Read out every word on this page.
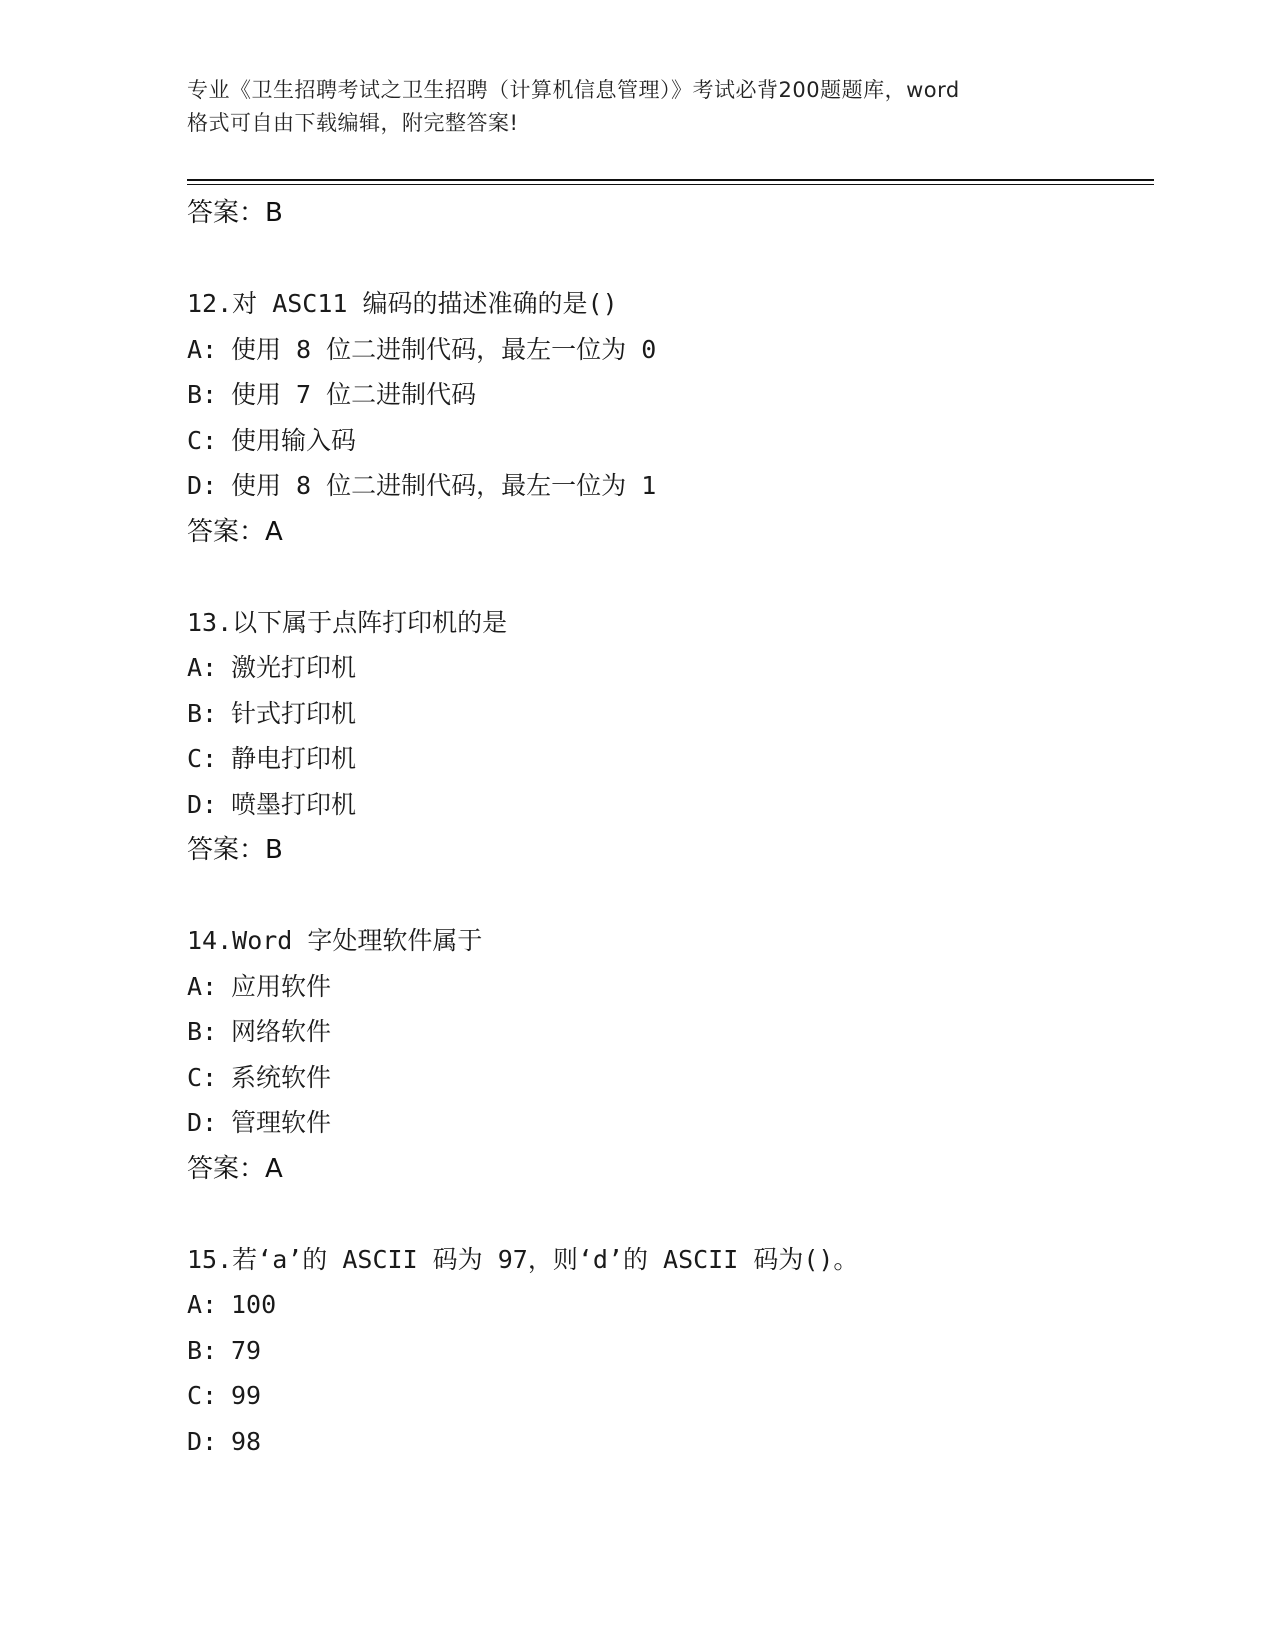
专业《卫生招聘考试之卫生招聘（计算机信息管理）》考试必背200题题库，word
格式可自由下载编辑，附完整答案!
答案：B
12.对 ASC11 编码的描述准确的是()
A: 使用 8 位二进制代码，最左一位为 0
B: 使用 7 位二进制代码
C: 使用输入码
D: 使用 8 位二进制代码，最左一位为 1
答案：A
13.以下属于点阵打印机的是
A: 激光打印机
B: 针式打印机
C: 静电打印机
D: 喷墨打印机
答案：B
14.Word 字处理软件属于
A: 应用软件
B: 网络软件
C: 系统软件
D: 管理软件
答案：A
15.若‘a’的 ASCII 码为 97，则‘d’的 ASCII 码为()。
A: 100
B: 79
C: 99
D: 98
